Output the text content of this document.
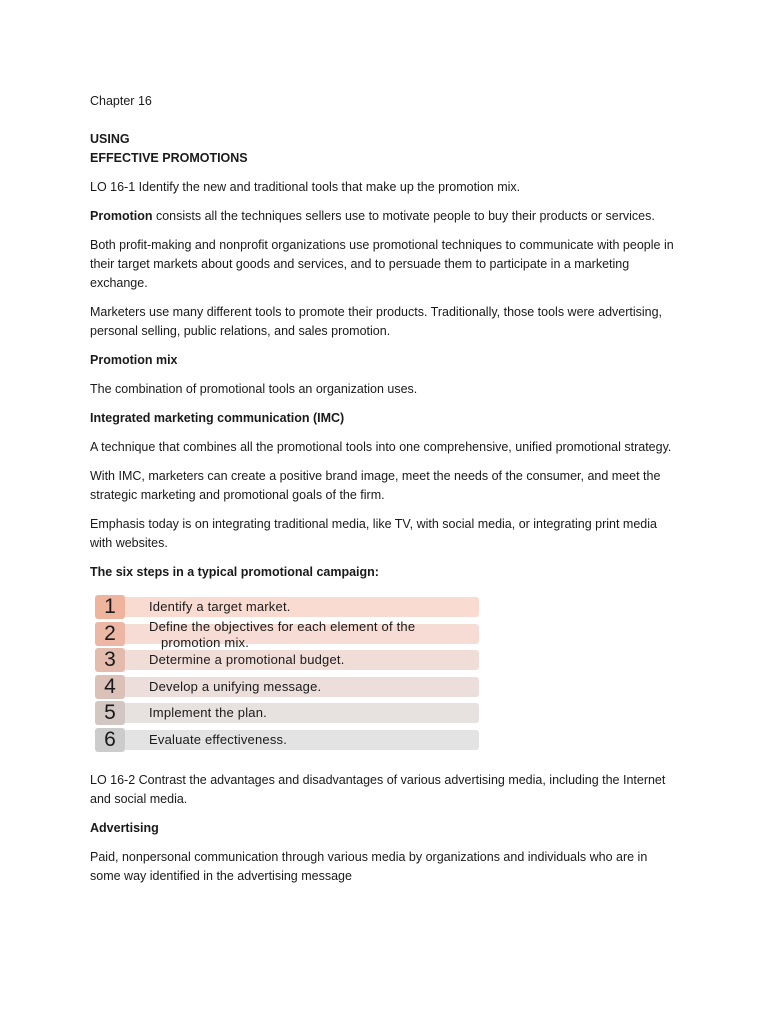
Chapter 16

USING

EFFECTIVE PROMOTIONS

LO 16-1 Identify the new and traditional tools that make up the promotion mix.

Promotion consists all the techniques sellers use to motivate people to buy their products or services.

Both profit-making and nonprofit organizations use promotional techniques to communicate with people in their target markets about goods and services, and to persuade them to participate in a marketing exchange.

Marketers use many different tools to promote their products. Traditionally, those tools were advertising, personal selling, public relations, and sales promotion.

Promotion mix

The combination of promotional tools an organization uses.

Integrated marketing communication (IMC)

A technique that combines all the promotional tools into one comprehensive, unified promotional strategy.

With IMC, marketers can create a positive brand image, meet the needs of the consumer, and meet the strategic marketing and promotional goals of the firm.

Emphasis today is on integrating traditional media, like TV, with social media, or integrating print media with websites.

The six steps in a typical promotional campaign:

1	Identify a target market.
2	Define the objectives for each element of the
promotion mix.
3	Determine a promotional budget.
4	Develop a unifying message.
5	Implement the plan.
6	Evaluate effectiveness.

LO 16-2 Contrast the advantages and disadvantages of various advertising media, including the Internet and social media.

Advertising

Paid, nonpersonal communication through various media by organizations and individuals who are in some way identified in the advertising message
